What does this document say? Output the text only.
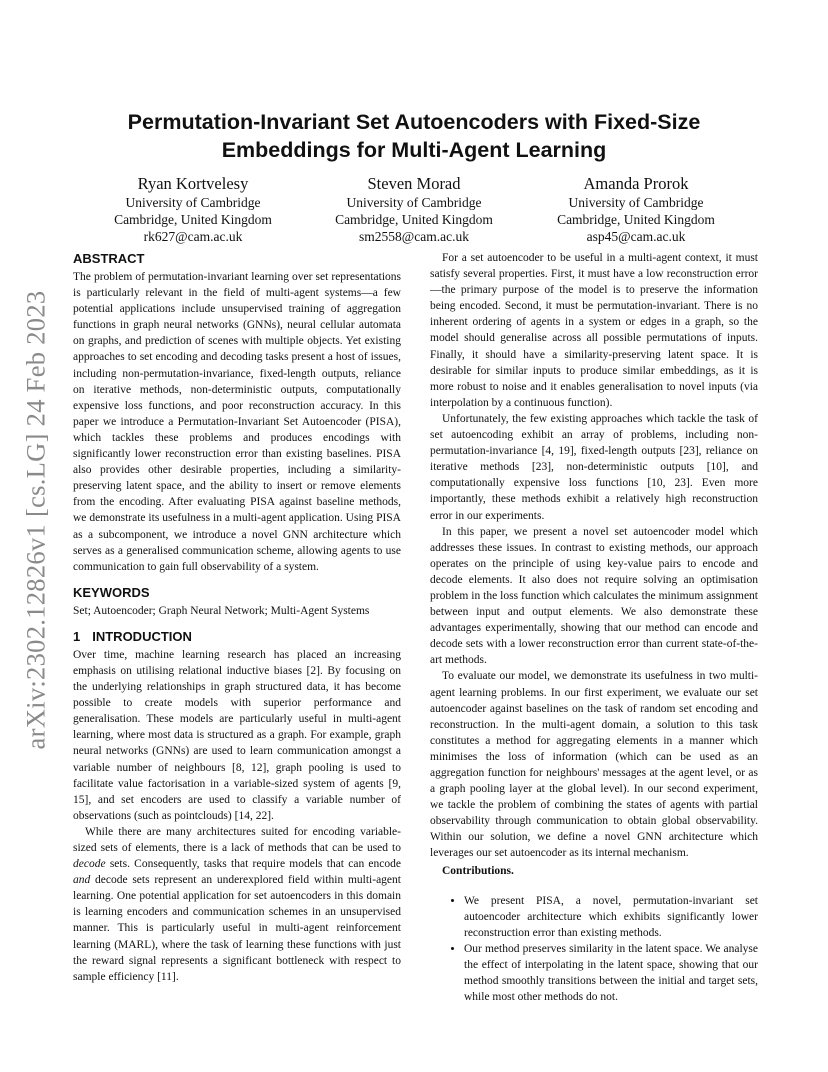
arXiv:2302.12826v1 [cs.LG] 24 Feb 2023
Permutation-Invariant Set Autoencoders with Fixed-Size
Embeddings for Multi-Agent Learning
Ryan Kortvelesy
University of Cambridge
Cambridge, United Kingdom
rk627@cam.ac.uk
Steven Morad
University of Cambridge
Cambridge, United Kingdom
sm2558@cam.ac.uk
Amanda Prorok
University of Cambridge
Cambridge, United Kingdom
asp45@cam.ac.uk
ABSTRACT

The problem of permutation-invariant learning over set representations is particularly relevant in the field of multi-agent systems—a few potential applications include unsupervised training of aggregation functions in graph neural networks (GNNs), neural cellular automata on graphs, and prediction of scenes with multiple objects. Yet existing approaches to set encoding and decoding tasks present a host of issues, including non-permutation-invariance, fixed-length outputs, reliance on iterative methods, non-deterministic outputs, computationally expensive loss functions, and poor reconstruction accuracy. In this paper we introduce a Permutation-Invariant Set Autoencoder (PISA), which tackles these problems and produces encodings with significantly lower reconstruction error than existing baselines. PISA also provides other desirable properties, including a similarity-preserving latent space, and the ability to insert or remove elements from the encoding. After evaluating PISA against baseline methods, we demonstrate its usefulness in a multi-agent application. Using PISA as a subcomponent, we introduce a novel GNN architecture which serves as a generalised communication scheme, allowing agents to use communication to gain full observability of a system.

KEYWORDS

Set; Autoencoder; Graph Neural Network; Multi-Agent Systems

1 INTRODUCTION

Over time, machine learning research has placed an increasing emphasis on utilising relational inductive biases [2]. By focusing on the underlying relationships in graph structured data, it has become possible to create models with superior performance and generalisation. These models are particularly useful in multi-agent learning, where most data is structured as a graph. For example, graph neural networks (GNNs) are used to learn communication amongst a variable number of neighbours [8, 12], graph pooling is used to facilitate value factorisation in a variable-sized system of agents [9, 15], and set encoders are used to classify a variable number of observations (such as pointclouds) [14, 22].

While there are many architectures suited for encoding variable-sized sets of elements, there is a lack of methods that can be used to decode sets. Consequently, tasks that require models that can encode and decode sets represent an underexplored field within multi-agent learning. One potential application for set autoencoders in this domain is learning encoders and communication schemes in an unsupervised manner. This is particularly useful in multi-agent reinforcement learning (MARL), where the task of learning these functions with just the reward signal represents a significant bottleneck with respect to sample efficiency [11].

For a set autoencoder to be useful in a multi-agent context, it must satisfy several properties. First, it must have a low reconstruction error—the primary purpose of the model is to preserve the information being encoded. Second, it must be permutation-invariant. There is no inherent ordering of agents in a system or edges in a graph, so the model should generalise across all possible permutations of inputs. Finally, it should have a similarity-preserving latent space. It is desirable for similar inputs to produce similar embeddings, as it is more robust to noise and it enables generalisation to novel inputs (via interpolation by a continuous function).

Unfortunately, the few existing approaches which tackle the task of set autoencoding exhibit an array of problems, including non-permutation-invariance [4, 19], fixed-length outputs [23], reliance on iterative methods [23], non-deterministic outputs [10], and computationally expensive loss functions [10, 23]. Even more importantly, these methods exhibit a relatively high reconstruction error in our experiments.

In this paper, we present a novel set autoencoder model which addresses these issues. In contrast to existing methods, our approach operates on the principle of using key-value pairs to encode and decode elements. It also does not require solving an optimisation problem in the loss function which calculates the minimum assignment between input and output elements. We also demonstrate these advantages experimentally, showing that our method can encode and decode sets with a lower reconstruction error than current state-of-the-art methods.

To evaluate our model, we demonstrate its usefulness in two multi-agent learning problems. In our first experiment, we evaluate our set autoencoder against baselines on the task of random set encoding and reconstruction. In the multi-agent domain, a solution to this task constitutes a method for aggregating elements in a manner which minimises the loss of information (which can be used as an aggregation function for neighbours' messages at the agent level, or as a graph pooling layer at the global level). In our second experiment, we tackle the problem of combining the states of agents with partial observability through communication to obtain global observability. Within our solution, we define a novel GNN architecture which leverages our set autoencoder as its internal mechanism.

Contributions.
• We present PISA, a novel, permutation-invariant set autoencoder architecture which exhibits significantly lower reconstruction error than existing methods.
• Our method preserves similarity in the latent space. We analyse the effect of interpolating in the latent space, showing that our method smoothly transitions between the initial and target sets, while most other methods do not.
